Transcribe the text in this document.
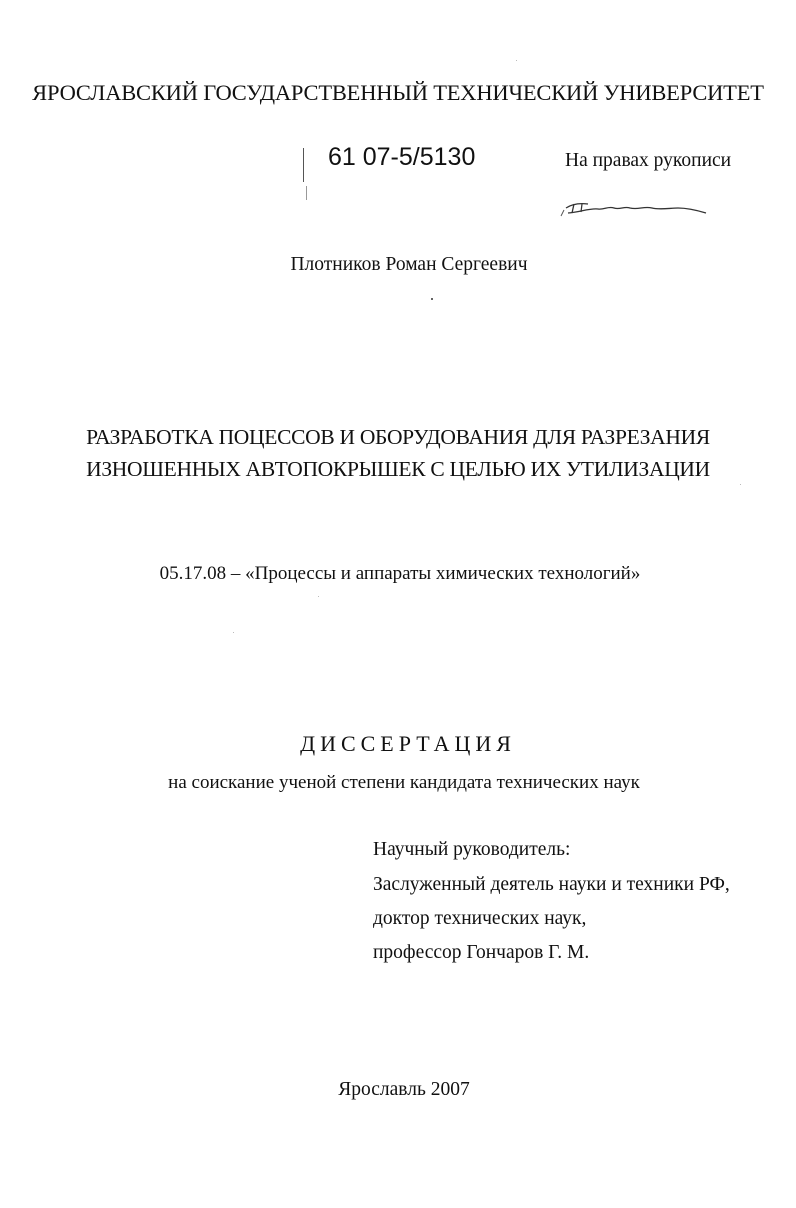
ЯРОСЛАВСКИЙ ГОСУДАРСТВЕННЫЙ ТЕХНИЧЕСКИЙ УНИВЕРСИТЕТ
61 07-5/5130	На правах рукописи
Плотников Роман Сергеевич
РАЗРАБОТКА ПОЦЕССОВ И ОБОРУДОВАНИЯ ДЛЯ РАЗРЕЗАНИЯ
ИЗНОШЕННЫХ АВТОПОКРЫШЕК С ЦЕЛЬЮ ИХ УТИЛИЗАЦИИ
05.17.08 – «Процессы и аппараты химических технологий»
ДИССЕРТАЦИЯ
на соискание ученой степени кандидата технических наук
Научный руководитель:
Заслуженный деятель науки и техники РФ,
доктор технических наук,
профессор Гончаров Г. М.
Ярославль 2007
